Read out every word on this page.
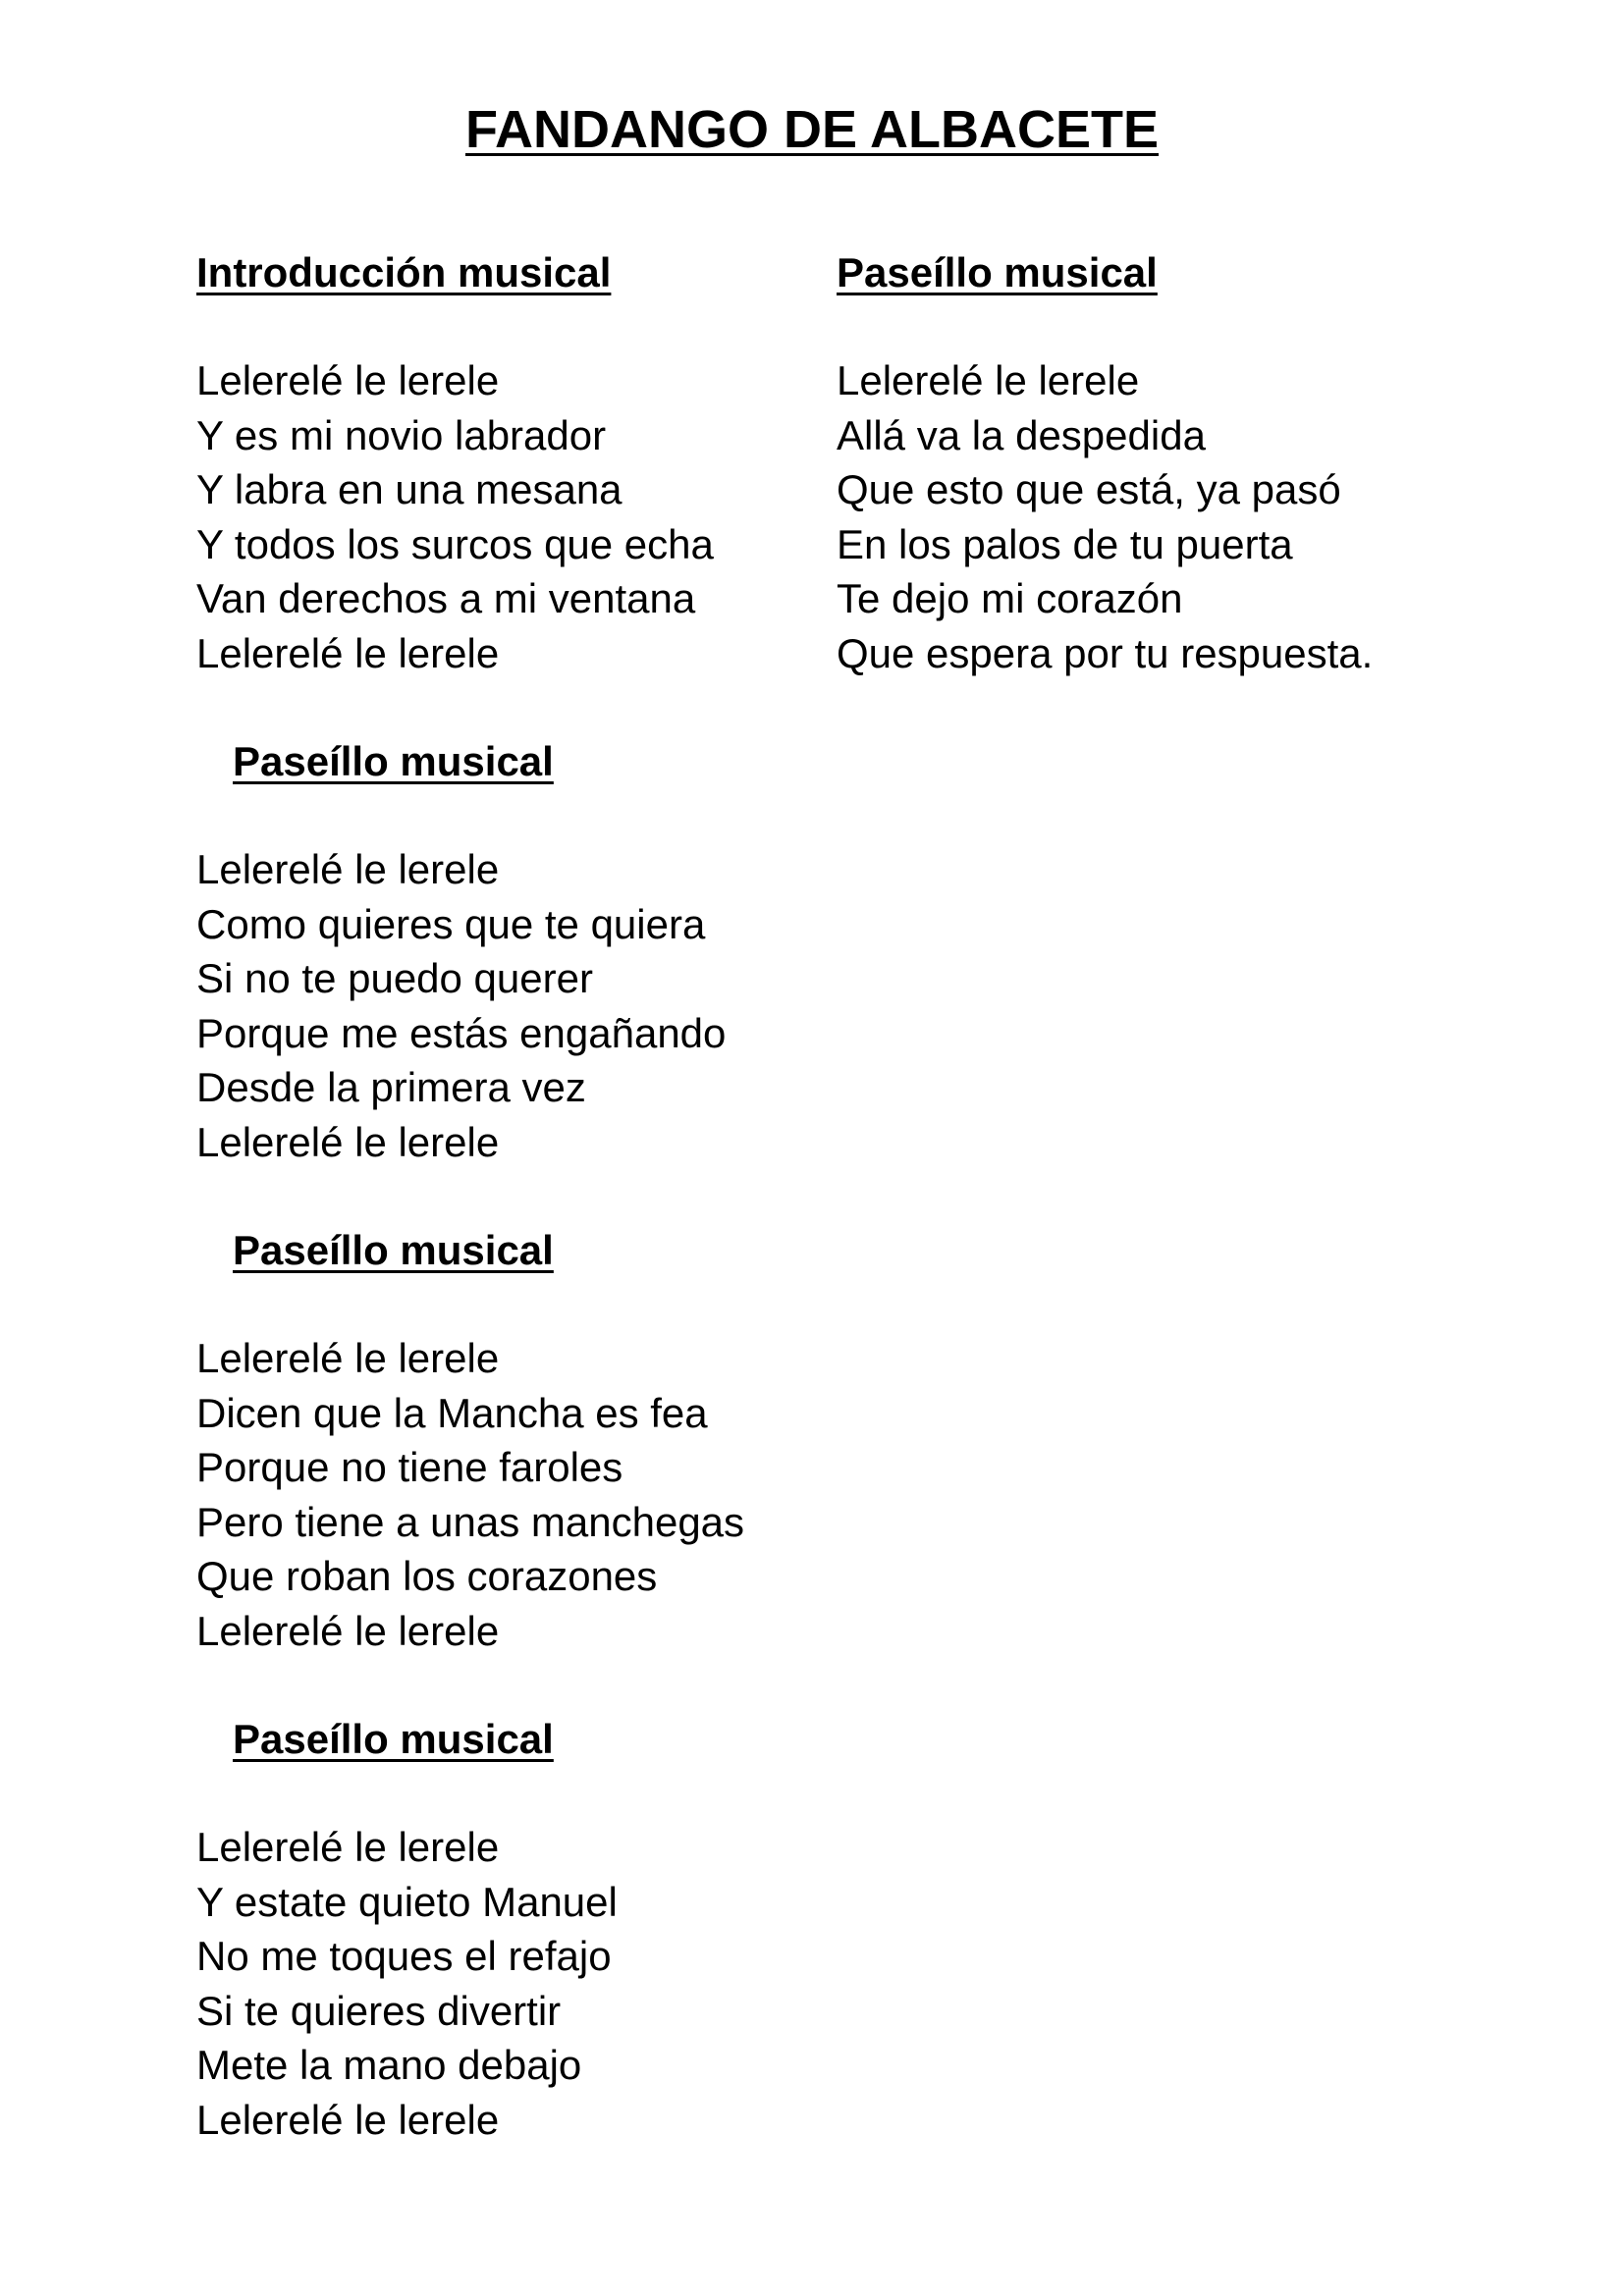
FANDANGO DE ALBACETE
Introducción musical
Lelerelé le lerele
Y es mi novio labrador
Y labra en una mesana
Y todos los surcos que echa
Van derechos a mi ventana
Lelerelé le lerele
Paseíllo musical
Lelerelé le lerele
Como quieres que te quiera
Si no te puedo querer
Porque me estás engañando
Desde la primera vez
Lelerelé le lerele
Paseíllo musical
Lelerelé le lerele
Dicen que la Mancha es fea
Porque no tiene faroles
Pero tiene a unas manchegas
Que roban los corazones
Lelerelé le lerele
Paseíllo musical
Lelerelé le lerele
Y estate quieto Manuel
No me toques el refajo
Si te quieres divertir
Mete la mano debajo
Lelerelé le lerele
Paseíllo musical
Lelerelé le lerele
Allá va la despedida
Que esto que está, ya pasó
En los palos de tu puerta
Te dejo mi corazón
Que espera por tu respuesta.
